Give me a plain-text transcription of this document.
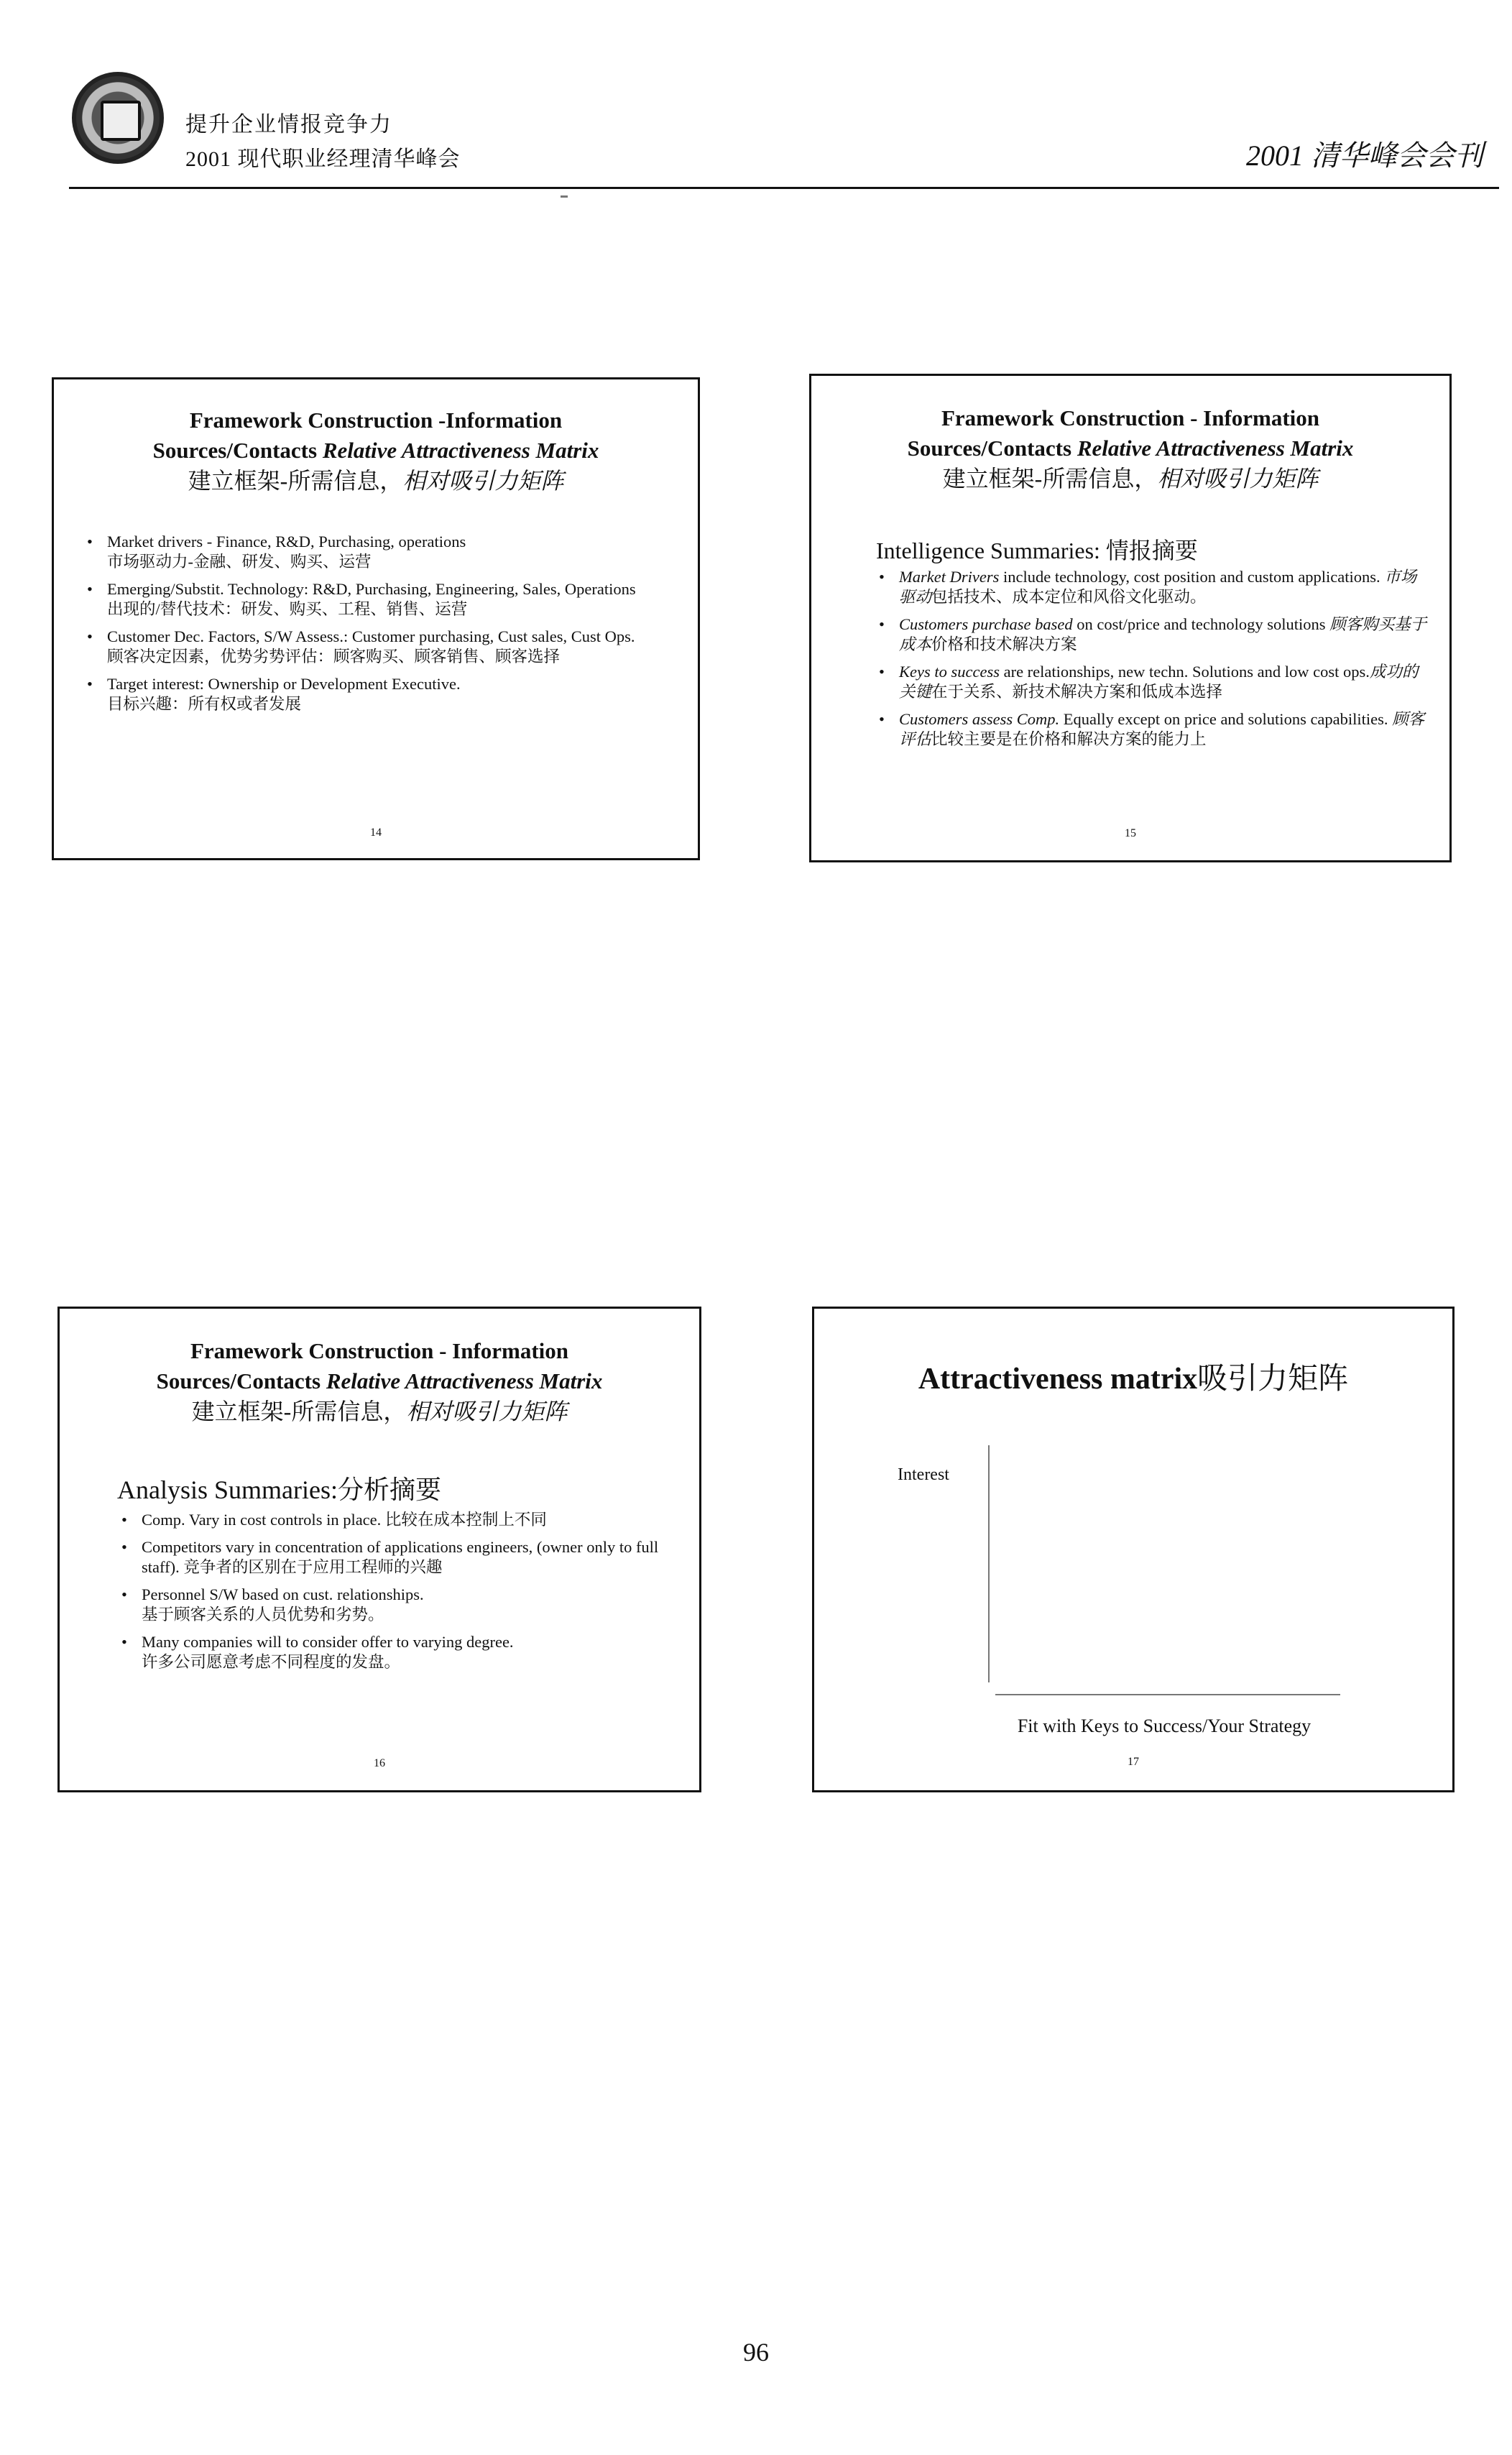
提升企业情报竞争力
2001 现代职业经理清华峰会	2001 清华峰会会刊
Framework Construction -Information
Sources/Contacts Relative Attractiveness Matrix
建立框架-所需信息，相对吸引力矩阵
• Market drivers - Finance, R&D, Purchasing, operations
市场驱动力-金融、研发、购买、运营
• Emerging/Substit. Technology: R&D, Purchasing, Engineering, Sales, Operations
出现的/替代技术：研发、购买、工程、销售、运营
• Customer Dec. Factors, S/W Assess.: Customer purchasing, Cust sales, Cust Ops.
顾客决定因素，优势劣势评估：顾客购买、顾客销售、顾客选择
• Target interest: Ownership or Development Executive.
目标兴趣：所有权或者发展
14
Framework Construction - Information
Sources/Contacts Relative Attractiveness Matrix
建立框架-所需信息，相对吸引力矩阵
Intelligence Summaries: 情报摘要
• Market Drivers include technology, cost position and custom applications. 市场驱动包括技术、成本定位和风俗文化驱动。
• Customers purchase based on cost/price and technology solutions 顾客购买基于成本价格和技术解决方案
• Keys to success are relationships, new techn. Solutions and low cost ops.成功的关键在于关系、新技术解决方案和低成本选择
• Customers assess Comp. Equally except on price and solutions capabilities. 顾客评估比较主要是在价格和解决方案的能力上
15
Framework Construction - Information
Sources/Contacts Relative Attractiveness Matrix
建立框架-所需信息，相对吸引力矩阵
Analysis Summaries:分析摘要
• Comp. Vary in cost controls in place. 比较在成本控制上不同
• Competitors vary in concentration of applications engineers, (owner only to full staff). 竞争者的区别在于应用工程师的兴趣
• Personnel S/W based on cust. relationships.
基于顾客关系的人员优势和劣势。
• Many companies will to consider offer to varying degree.
许多公司愿意考虑不同程度的发盘。
16
Attractiveness matrix吸引力矩阵
Interest
Fit with Keys to Success/Your Strategy
17
96
